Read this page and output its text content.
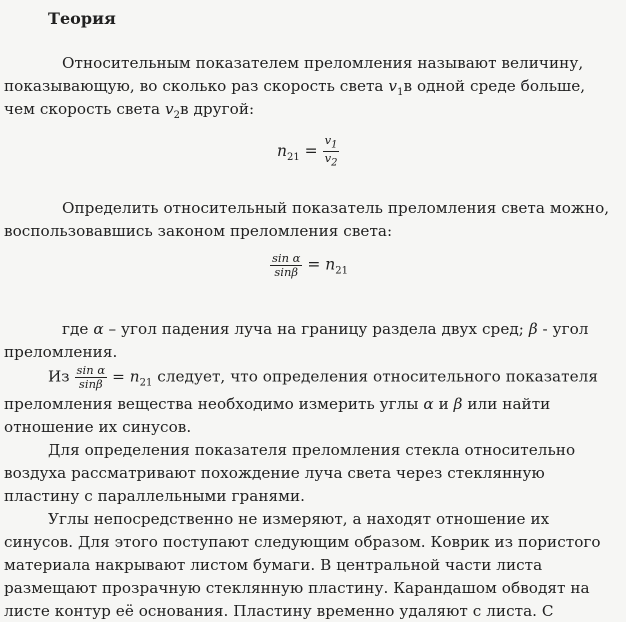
Теория
Относительным показателем преломления называют величину,
показывающую, во сколько раз скорость света $v_1в$ одной среде больше,
чем скорость света $v_2в$ другой:
$n_{21} = \frac{v_1}{v_2}$
Определить относительный показатель преломления света можно,
воспользовавшись законом преломления света:
$\frac{\text{sin α}}{\sin\beta} = n_{21}$
где α – угол падения луча на границу раздела двух сред; β - угол
преломления.
Из $\frac{\text{sin α}}{\sin\beta} = n_{21}$ следует, что определения относительного показателя
преломления вещества необходимо измерить углы α и β или найти
отношение их синусов.
Для определения показателя преломления стекла относительно
воздуха рассматривают похождение луча света через стеклянную
пластину с параллельными гранями.
Углы непосредственно не измеряют, а находят отношение их
синусов. Для этого поступают следующим образом. Коврик из пористого
материала накрывают листом бумаги. В центральной части листа
размещают прозрачную стеклянную пластину. Карандашом обводят на
листе контур её основания. Пластину временно удаляют с листа. С
